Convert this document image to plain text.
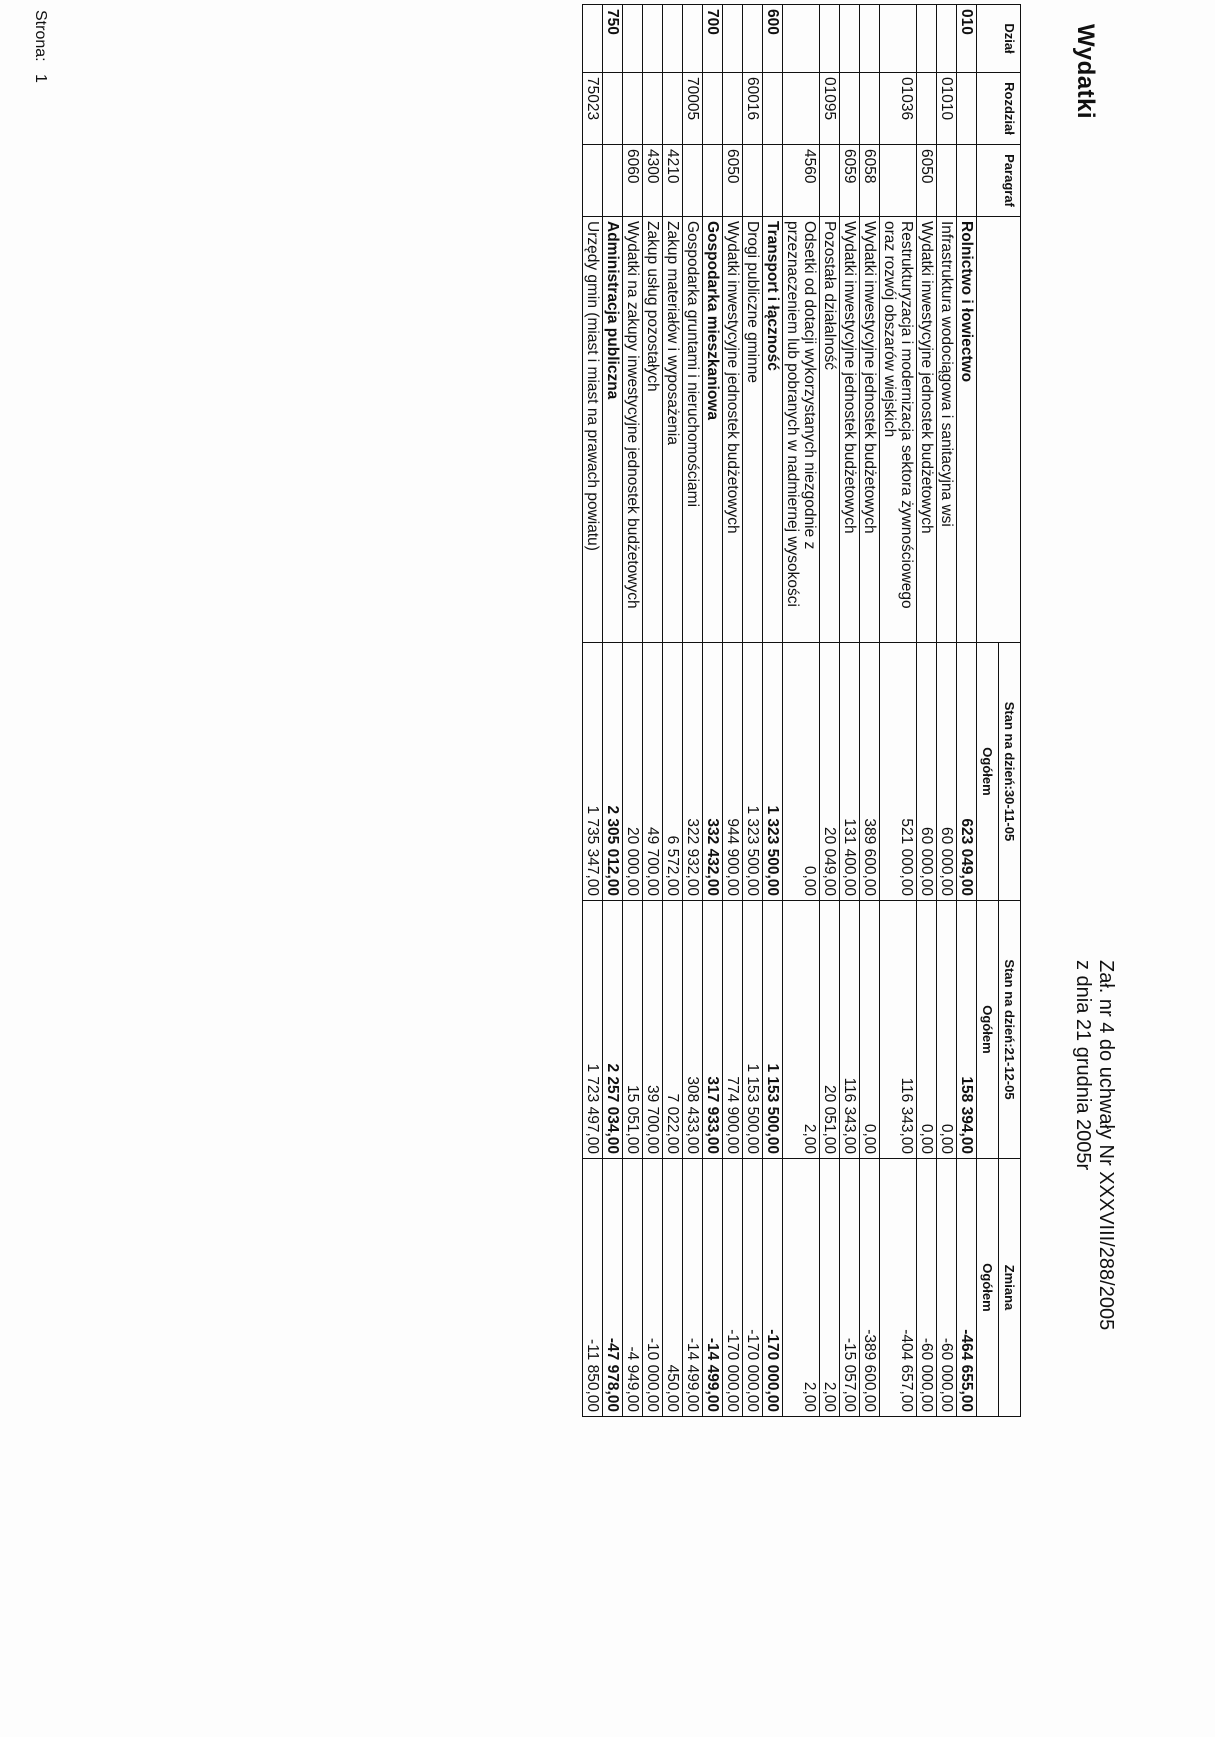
Wydatki
Zał. nr 4 do uchwały Nr XXXVIII/288/2005
z dnia 21 grudnia 2005r
Dział	Rozdział	Paragraf		Stan na dzień:30-11-05	Stan na dzień:21-12-05	Zmiana
				Ogółem	Ogółem	Ogółem
010			Rolnictwo i łowiectwo	623 049,00	158 394,00	-464 655,00
	01010		Infrastruktura wodociągowa i sanitacyjna wsi	60 000,00	0,00	-60 000,00
		6050	Wydatki inwestycyjne jednostek budżetowych	60 000,00	0,00	-60 000,00
	01036		Restrukturyzacja i modernizacja sektora żywnościowego oraz rozwój obszarów wiejskich	521 000,00	116 343,00	-404 657,00
		6058	Wydatki inwestycyjne jednostek budżetowych	389 600,00	0,00	-389 600,00
		6059	Wydatki inwestycyjne jednostek budżetowych	131 400,00	116 343,00	-15 057,00
	01095		Pozostała działalność	20 049,00	20 051,00	2,00
		4560	Odsetki od dotacji wykorzystanych niezgodnie z przeznaczeniem lub pobranych w nadmiernej wysokości	0,00	2,00	2,00
600			Transport i łączność	1 323 500,00	1 153 500,00	-170 000,00
	60016		Drogi publiczne gminne	1 323 500,00	1 153 500,00	-170 000,00
		6050	Wydatki inwestycyjne jednostek budżetowych	944 900,00	774 900,00	-170 000,00
700			Gospodarka mieszkaniowa	332 432,00	317 933,00	-14 499,00
	70005		Gospodarka gruntami i nieruchomościami	322 932,00	308 433,00	-14 499,00
		4210	Zakup materiałów i wyposażenia	6 572,00	7 022,00	450,00
		4300	Zakup usług pozostałych	49 700,00	39 700,00	-10 000,00
		6060	Wydatki na zakupy inwestycyjne jednostek budżetowych	20 000,00	15 051,00	-4 949,00
750			Administracja publiczna	2 305 012,00	2 257 034,00	-47 978,00
	75023		Urzędy gmin (miast i miast na prawach powiatu)	1 735 347,00	1 723 497,00	-11 850,00
Strona: 1
